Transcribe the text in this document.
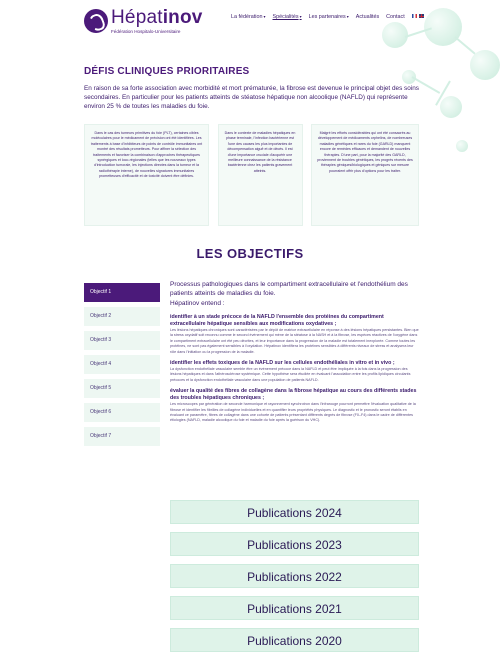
Hépatinov
Fédération Hospitalo-Universitaire
La fédération▾ Spécialités▾ Les partenaires▾ Actualités Contact
DÉFIS CLINIQUES PRIORITAIRES

En raison de sa forte association avec morbidité et mort prématurée, la fibrose est devenue le principal objet des soins secondaires. En particulier pour les patients atteints de stéatose hépatique non alcoolique (NAFLD) qui représente environ 25 % de toutes les maladies du foie.

Dans le cas des tumeurs primitives du foie (PLT), certaines cibles moléculaires pour le médicament de précision ont été identifiées. Les traitements à base d'inhibiteurs de points de contrôle immunitaires ont montré des résultats prometteurs. Pour affiner la sélection des traitements et favoriser la combinaison d'approches thérapeutiques synérgiques et loco-régionales (telles que les nouveaux types d'introduction tumorale, les injections directes dans la tumeur et la radiothérapie interne), de nouvelles signatures immunitaires prometteuses d'efficacité et de toxicité doivent être définies.
Dans le contexte de maladies hépatiques en phase terminale, l'infection bactérienne est l'une des causes les plus importantes de décompensation aiguë et de décès. Il est d'une importance cruciale d'acquérir une meilleure connaissance de la résistance bactérienne chez les patients gravement atteints.
Malgré les efforts considérables qui ont été consacrés au développement de médicaments orphelins, de nombreuses maladies génétiques et rares du foie (GARLD) manquent encore de remèdes efficaces et demandent de nouvelles thérapies. D'une part, pour la majorité des GARLD, proviennent de troubles génétiques, les progrès récents des thérapies géniques/biologiques et géniques sur mesure pourraient offrir plus d'options pour les traiter.
LES OBJECTIFS
Objectif 1
Objectif 2
Objectif 3
Objectif 4
Objectif 5
Objectif 6
Objectif 7

Processus pathologiques dans le compartiment extracellulaire et l'endothélium des patients atteints de maladies du foie.

Hépatinov entend :

identifier à un stade précoce de la NAFLD l'ensemble des protéines du compartiment extracellulaire hépatique sensibles aux modifications oxydatives ;
Les lésions hépatiques chroniques sont caractérisées par le dépôt de matrice extracellulaire en réponse à des lésions hépatiques persistantes. Bien que la stress oxydatif soit reconnu comme le second événement qui mène de la stéatose à la NASH et à la fibrose, les espèces réactives de l'oxygène dans le compartiment extracellulaire ont été peu décrites, et leur importance dans la progression de la maladie est totalement inexplorée. Comme toutes les protéines, ne sont pas également sensibles à l'oxydation. Hépatinov identifiera les protéines sensibles à différents niveaux de stress et analysera leur rôle dans l'initiation ou la progression de la maladie.
identifier les effets toxiques de la NAFLD sur les cellules endothéliales in vitro et in vivo ;
La dysfonction endothéliale vasculaire semble être un événement précoce dans la NAFLD et peut être impliquée à la fois dans la progression des lésions hépatiques et dans l'athérosclérose systémique. Cette hypothèse sera étudiée en évaluant l'association entre les profils lipidiques circulants précoces et la dysfonction endothéliale vasculaire dans une population de patients NAFLD.
évaluer la qualité des fibres de collagène dans la fibrose hépatique au cours des différents stades des troubles hépatiques chroniques ;
Les microscopes par génération de seconde harmonique et rayonnement synchrotron dans l'infrarouge pourront permettre l'évaluation qualitative de la fibrose et identifier les fibrilles de collagène individuelles et en quantifier leurs propriétés physiques. Le diagnostic et le pronostic seront établis en évaluant ce paramètre, fibres de collagène dans une cohorte de patients présentant différents degrés de fibrose (F0–F4) dans le cadre de différentes étiologies (NAFLD, maladie alcoolique du foie et maladie du foie après la guérison du VHC).
Publications 2024
Publications 2023
Publications 2022
Publications 2021
Publications 2020
